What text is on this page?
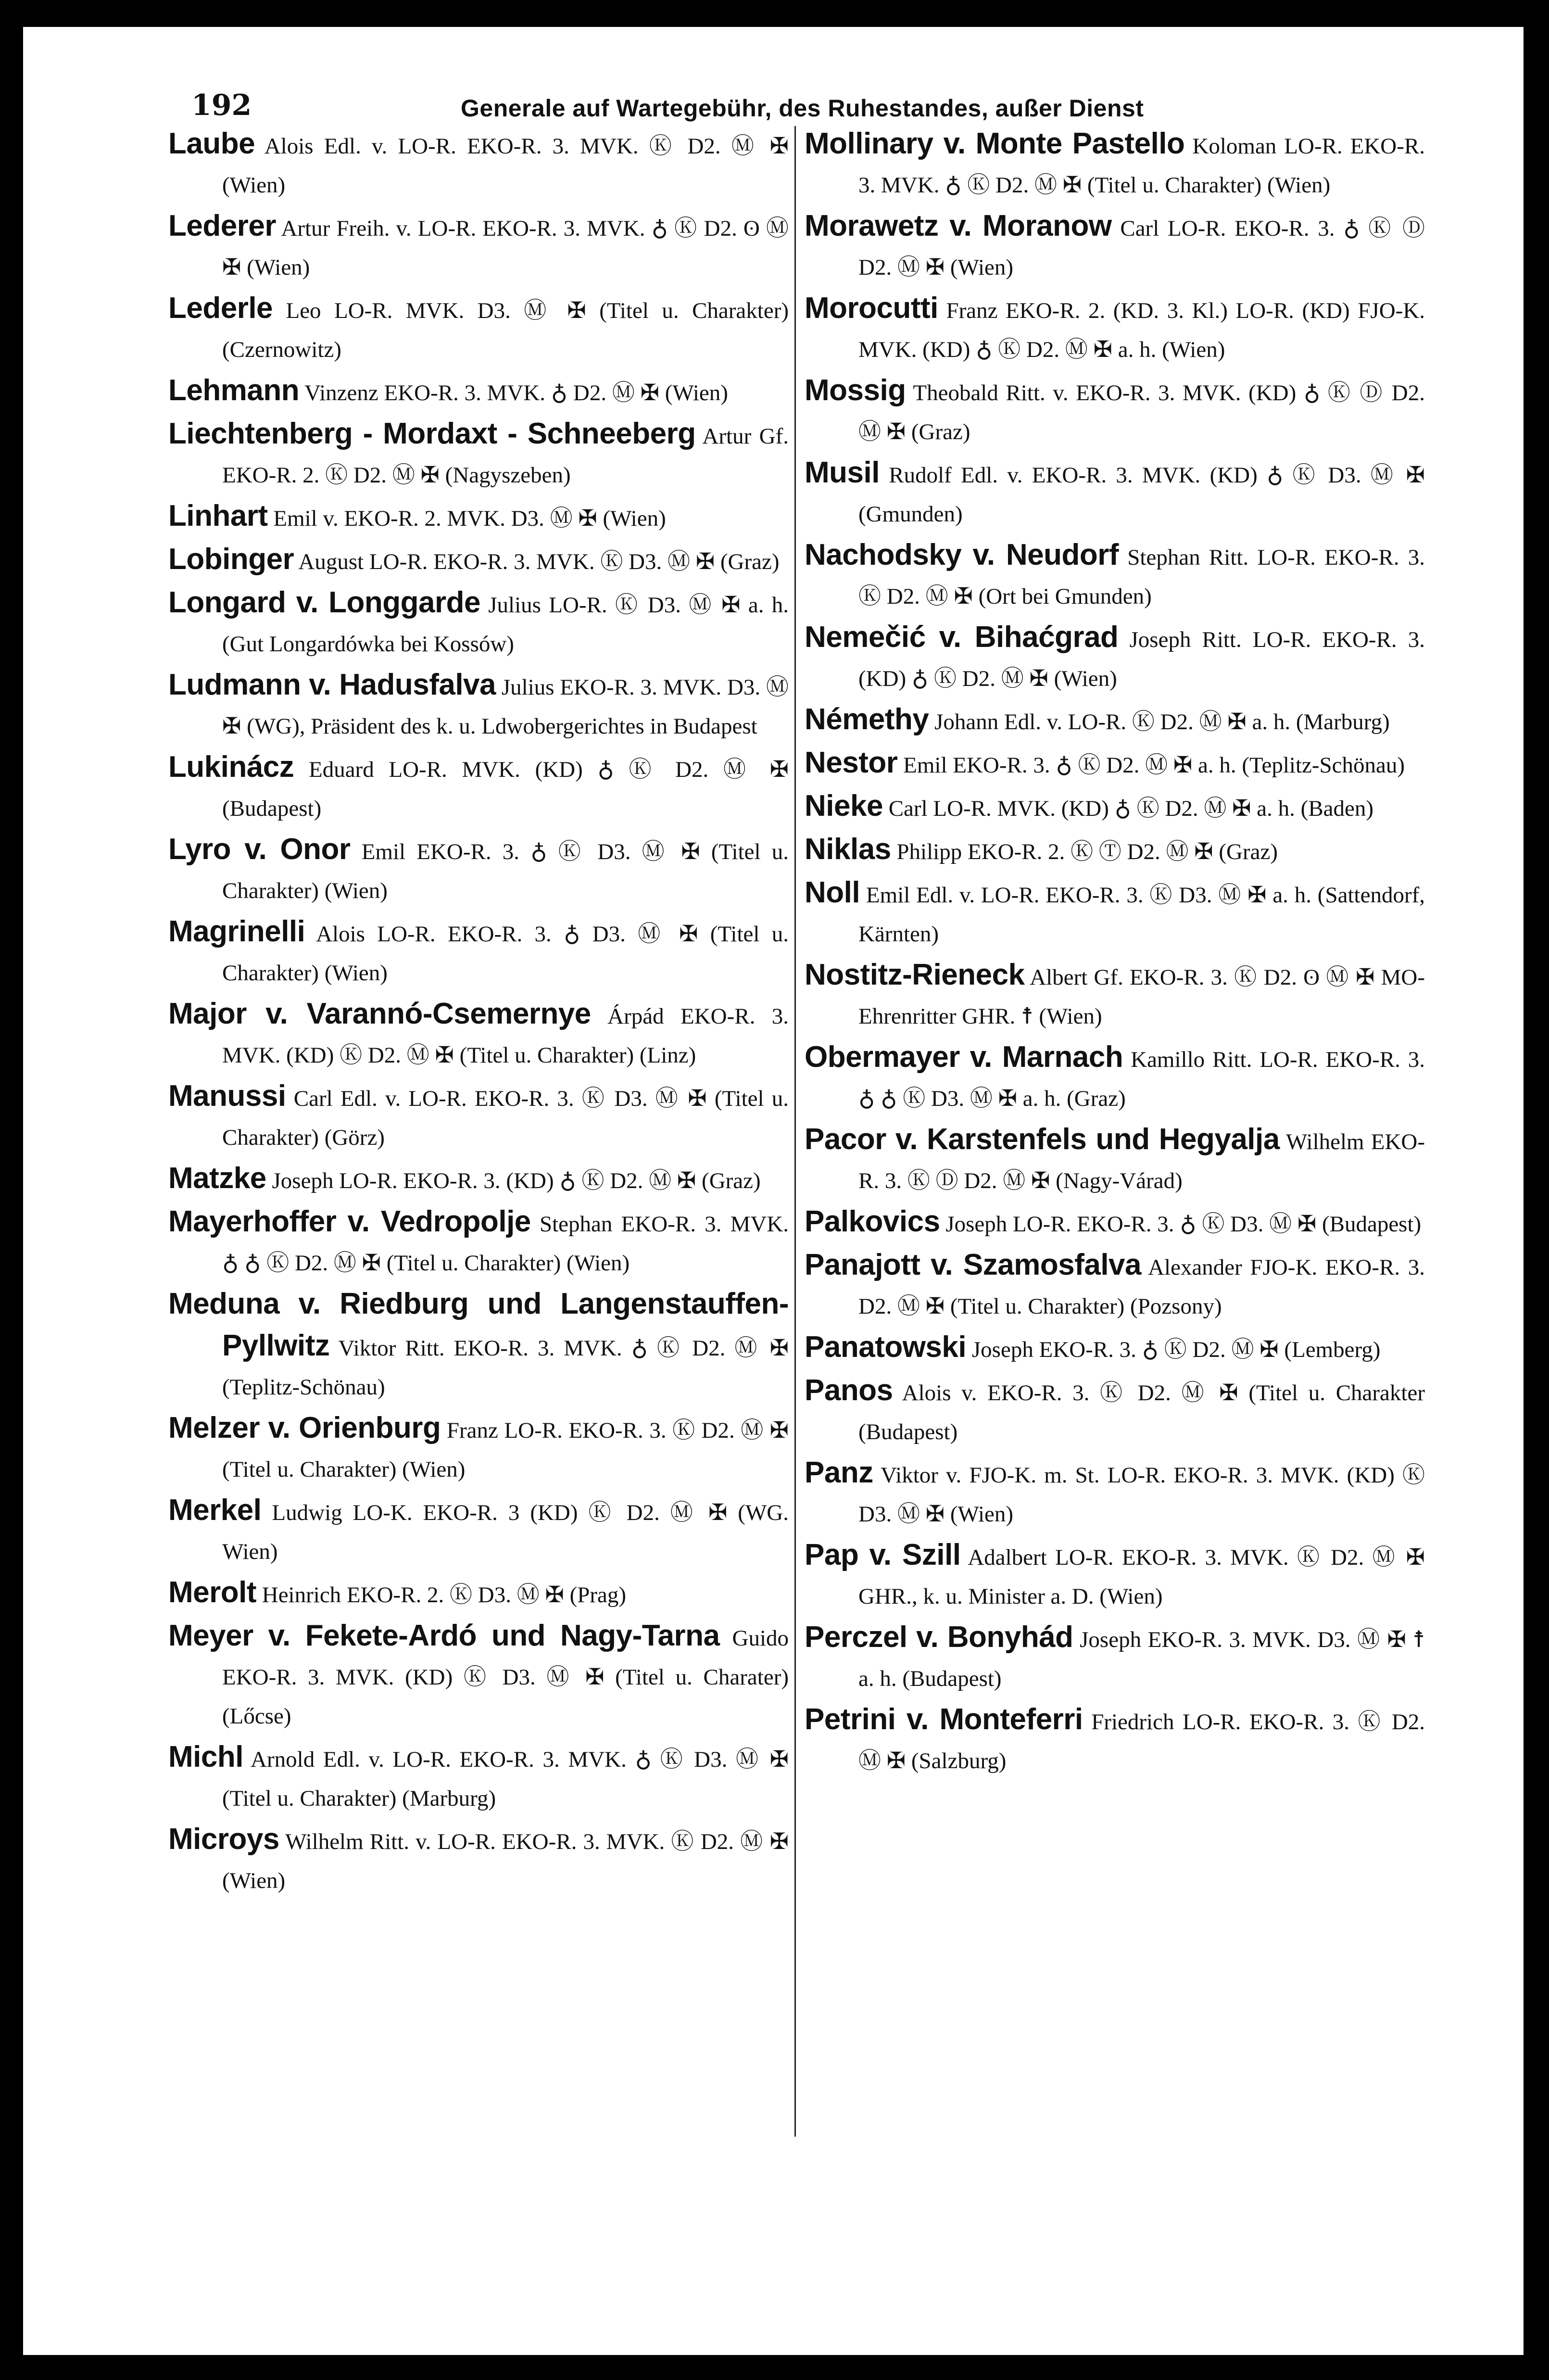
192	Generale auf Wartegebühr, des Ruhestandes, außer Dienst

Laube Alois Edl. v. LO-R. EKO-R. 3. MVK. Ⓚ D2. Ⓜ ✠ (Wien)

Lederer Artur Freih. v. LO-R. EKO-R. 3. MVK. ♁ Ⓚ D2. ʘ Ⓜ ✠ (Wien)

Lederle Leo LO-R. MVK. D3. Ⓜ ✠ (Titel u. Charakter) (Czernowitz)

Lehmann Vinzenz EKO-R. 3. MVK. ♁ D2. Ⓜ ✠ (Wien)

Liechtenberg - Mordaxt - Schneeberg Artur Gf. EKO-R. 2. Ⓚ D2. Ⓜ ✠ (Nagyszeben)

Linhart Emil v. EKO-R. 2. MVK. D3. Ⓜ ✠ (Wien)

Lobinger August LO-R. EKO-R. 3. MVK. Ⓚ D3. Ⓜ ✠ (Graz)

Longard v. Longgarde Julius LO-R. Ⓚ D3. Ⓜ ✠ a. h. (Gut Longardówka bei Kossów)

Ludmann v. Hadusfalva Julius EKO-R. 3. MVK. D3. Ⓜ ✠ (WG), Präsident des k. u. Ldwobergerichtes in Budapest

Lukinácz Eduard LO-R. MVK. (KD) ♁ Ⓚ D2. Ⓜ ✠ (Budapest)

Lyro v. Onor Emil EKO-R. 3. ♁ Ⓚ D3. Ⓜ ✠ (Titel u. Charakter) (Wien)

Magrinelli Alois LO-R. EKO-R. 3. ♁ D3. Ⓜ ✠ (Titel u. Charakter) (Wien)

Major v. Varannó-Csemernye Árpád EKO-R. 3. MVK. (KD) Ⓚ D2. Ⓜ ✠ (Titel u. Charakter) (Linz)

Manussi Carl Edl. v. LO-R. EKO-R. 3. Ⓚ D3. Ⓜ ✠ (Titel u. Charakter) (Görz)

Matzke Joseph LO-R. EKO-R. 3. (KD) ♁ Ⓚ D2. Ⓜ ✠ (Graz)

Mayerhoffer v. Vedropolje Stephan EKO-R. 3. MVK. ♁ ♁ Ⓚ D2. Ⓜ ✠ (Titel u. Charakter) (Wien)

Meduna v. Riedburg und Langenstauffen-Pyllwitz Viktor Ritt. EKO-R. 3. MVK. ♁ Ⓚ D2. Ⓜ ✠ (Teplitz-Schönau)

Melzer v. Orienburg Franz LO-R. EKO-R. 3. Ⓚ D2. Ⓜ ✠ (Titel u. Charakter) (Wien)

Merkel Ludwig LO-K. EKO-R. 3 (KD) Ⓚ D2. Ⓜ ✠ (WG. Wien)

Merolt Heinrich EKO-R. 2. Ⓚ D3. Ⓜ ✠ (Prag)

Meyer v. Fekete-Ardó und Nagy-Tarna Guido EKO-R. 3. MVK. (KD) Ⓚ D3. Ⓜ ✠ (Titel u. Charater) (Lőcse)

Michl Arnold Edl. v. LO-R. EKO-R. 3. MVK. ♁ Ⓚ D3. Ⓜ ✠ (Titel u. Charakter) (Marburg)

Microys Wilhelm Ritt. v. LO-R. EKO-R. 3. MVK. Ⓚ D2. Ⓜ ✠ (Wien)

Mollinary v. Monte Pastello Koloman LO-R. EKO-R. 3. MVK. ♁ Ⓚ D2. Ⓜ ✠ (Titel u. Charakter) (Wien)

Morawetz v. Moranow Carl LO-R. EKO-R. 3. ♁ Ⓚ Ⓓ D2. Ⓜ ✠ (Wien)

Morocutti Franz EKO-R. 2. (KD. 3. Kl.) LO-R. (KD) FJO-K. MVK. (KD) ♁ Ⓚ D2. Ⓜ ✠ a. h. (Wien)

Mossig Theobald Ritt. v. EKO-R. 3. MVK. (KD) ♁ Ⓚ Ⓓ D2. Ⓜ ✠ (Graz)

Musil Rudolf Edl. v. EKO-R. 3. MVK. (KD) ♁ Ⓚ D3. Ⓜ ✠ (Gmunden)

Nachodsky v. Neudorf Stephan Ritt. LO-R. EKO-R. 3. Ⓚ D2. Ⓜ ✠ (Ort bei Gmunden)

Nemečić v. Bihaćgrad Joseph Ritt. LO-R. EKO-R. 3. (KD) ♁ Ⓚ D2. Ⓜ ✠ (Wien)

Némethy Johann Edl. v. LO-R. Ⓚ D2. Ⓜ ✠ a. h. (Marburg)

Nestor Emil EKO-R. 3. ♁ Ⓚ D2. Ⓜ ✠ a. h. (Teplitz-Schönau)

Nieke Carl LO-R. MVK. (KD) ♁ Ⓚ D2. Ⓜ ✠ a. h. (Baden)

Niklas Philipp EKO-R. 2. Ⓚ Ⓣ D2. Ⓜ ✠ (Graz)

Noll Emil Edl. v. LO-R. EKO-R. 3. Ⓚ D3. Ⓜ ✠ a. h. (Sattendorf, Kärnten)

Nostitz-Rieneck Albert Gf. EKO-R. 3. Ⓚ D2. ʘ Ⓜ ✠ MO-Ehrenritter GHR. ☨ (Wien)

Obermayer v. Marnach Kamillo Ritt. LO-R. EKO-R. 3. ♁ ♁ Ⓚ D3. Ⓜ ✠ a. h. (Graz)

Pacor v. Karstenfels und Hegyalja Wilhelm EKO-R. 3. Ⓚ Ⓓ D2. Ⓜ ✠ (Nagy-Várad)

Palkovics Joseph LO-R. EKO-R. 3. ♁ Ⓚ D3. Ⓜ ✠ (Budapest)

Panajott v. Szamosfalva Alexander FJO-K. EKO-R. 3. D2. Ⓜ ✠ (Titel u. Charakter) (Pozsony)

Panatowski Joseph EKO-R. 3. ♁ Ⓚ D2. Ⓜ ✠ (Lemberg)

Panos Alois v. EKO-R. 3. Ⓚ D2. Ⓜ ✠ (Titel u. Charakter (Budapest)

Panz Viktor v. FJO-K. m. St. LO-R. EKO-R. 3. MVK. (KD) Ⓚ D3. Ⓜ ✠ (Wien)

Pap v. Szill Adalbert LO-R. EKO-R. 3. MVK. Ⓚ D2. Ⓜ ✠ GHR., k. u. Minister a. D. (Wien)

Perczel v. Bonyhád Joseph EKO-R. 3. MVK. D3. Ⓜ ✠ ☨ a. h. (Budapest)

Petrini v. Monteferri Friedrich LO-R. EKO-R. 3. Ⓚ D2. Ⓜ ✠ (Salzburg)
